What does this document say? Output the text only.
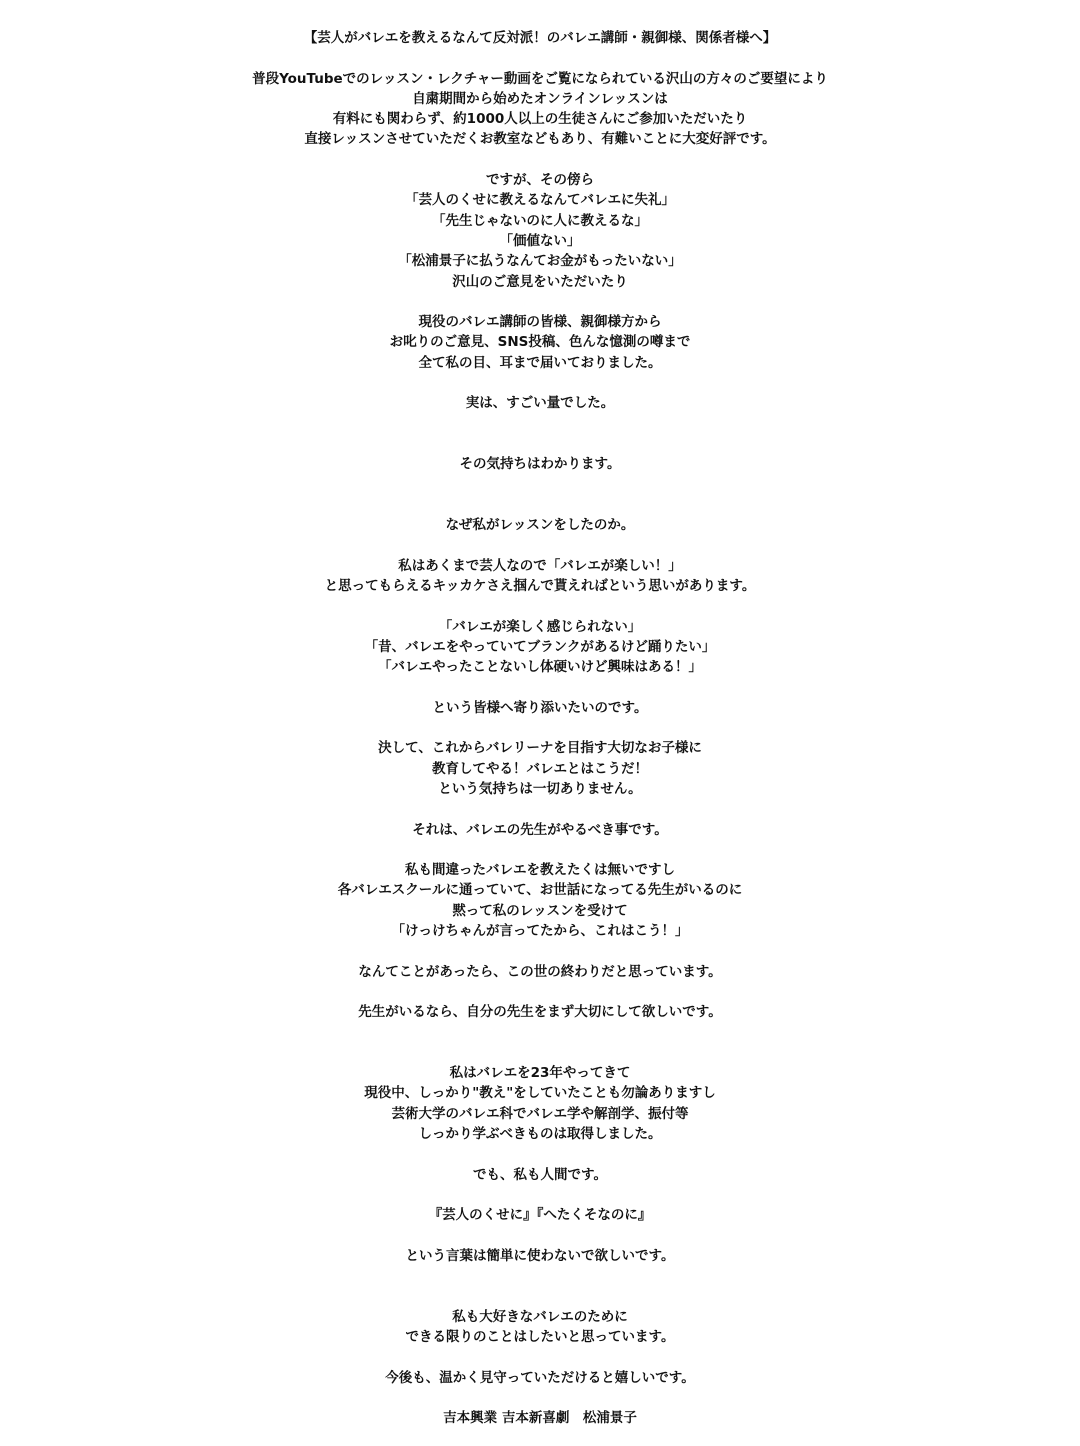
【芸人がバレエを教えるなんて反対派！のバレエ講師・親御様、関係者様へ】
普段YouTubeでのレッスン・レクチャー動画をご覧になられている沢山の方々のご要望により
自粛期間から始めたオンラインレッスンは
有料にも関わらず、約1000人以上の生徒さんにご参加いただいたり
直接レッスンさせていただくお教室などもあり、有難いことに大変好評です。
ですが、その傍ら
「芸人のくせに教えるなんてバレエに失礼」
「先生じゃないのに人に教えるな」
「価値ない」
「松浦景子に払うなんてお金がもったいない」
沢山のご意見をいただいたり
現役のバレエ講師の皆様、親御様方から
お叱りのご意見、SNS投稿、色んな憶測の噂まで
全て私の目、耳まで届いておりました。
実は、すごい量でした。
その気持ちはわかります。
なぜ私がレッスンをしたのか。
私はあくまで芸人なので「バレエが楽しい！」
と思ってもらえるキッカケさえ掴んで貰えればという思いがあります。
「バレエが楽しく感じられない」
「昔、バレエをやっていてブランクがあるけど踊りたい」
「バレエやったことないし体硬いけど興味はある！」
という皆様へ寄り添いたいのです。
決して、これからバレリーナを目指す大切なお子様に
教育してやる！バレエとはこうだ！
という気持ちは一切ありません。
それは、バレエの先生がやるべき事です。
私も間違ったバレエを教えたくは無いですし
各バレエスクールに通っていて、お世話になってる先生がいるのに
黙って私のレッスンを受けて
「けっけちゃんが言ってたから、これはこう！」
なんてことがあったら、この世の終わりだと思っています。
先生がいるなら、自分の先生をまず大切にして欲しいです。
私はバレエを23年やってきて
現役中、しっかり"教え"をしていたことも勿論ありますし
芸術大学のバレエ科でバレエ学や解剖学、振付等
しっかり学ぶべきものは取得しました。
でも、私も人間です。
『芸人のくせに』『へたくそなのに』
という言葉は簡単に使わないで欲しいです。
私も大好きなバレエのために
できる限りのことはしたいと思っています。
今後も、温かく見守っていただけると嬉しいです。
吉本興業 吉本新喜劇　松浦景子
